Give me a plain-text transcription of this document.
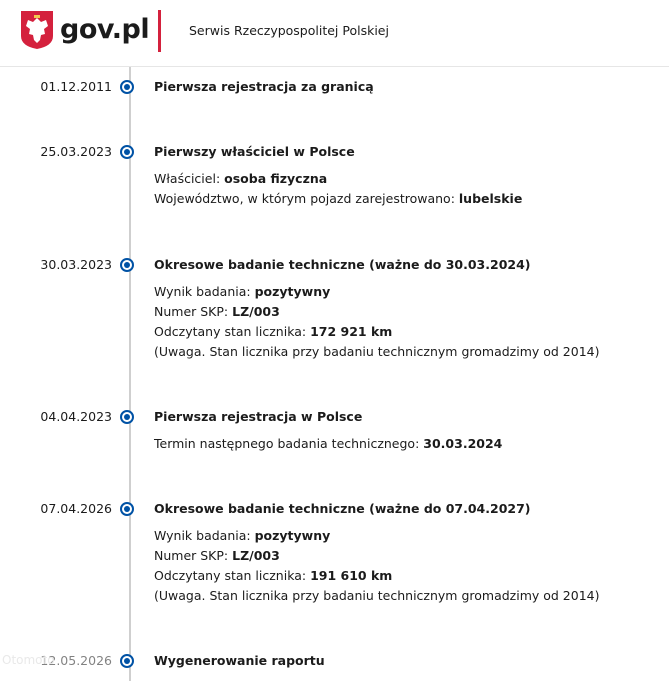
gov.pl	Serwis Rzeczypospolitej Polskiej
01.12.2011	Pierwsza rejestracja za granicą
25.03.2023	Pierwszy właściciel w Polsce
Właściciel: osoba fizyczna
Województwo, w którym pojazd zarejestrowano: lubelskie
30.03.2023	Okresowe badanie techniczne (ważne do 30.03.2024)
Wynik badania: pozytywny
Numer SKP: LZ/003
Odczytany stan licznika: 172 921 km
(Uwaga. Stan licznika przy badaniu technicznym gromadzimy od 2014)
04.04.2023	Pierwsza rejestracja w Polsce
Termin następnego badania technicznego: 30.03.2024
07.04.2026	Okresowe badanie techniczne (ważne do 07.04.2027)
Wynik badania: pozytywny
Numer SKP: LZ/003
Odczytany stan licznika: 191 610 km
(Uwaga. Stan licznika przy badaniu technicznym gromadzimy od 2014)
12.05.2026	Wygenerowanie raportu
Otomoto
